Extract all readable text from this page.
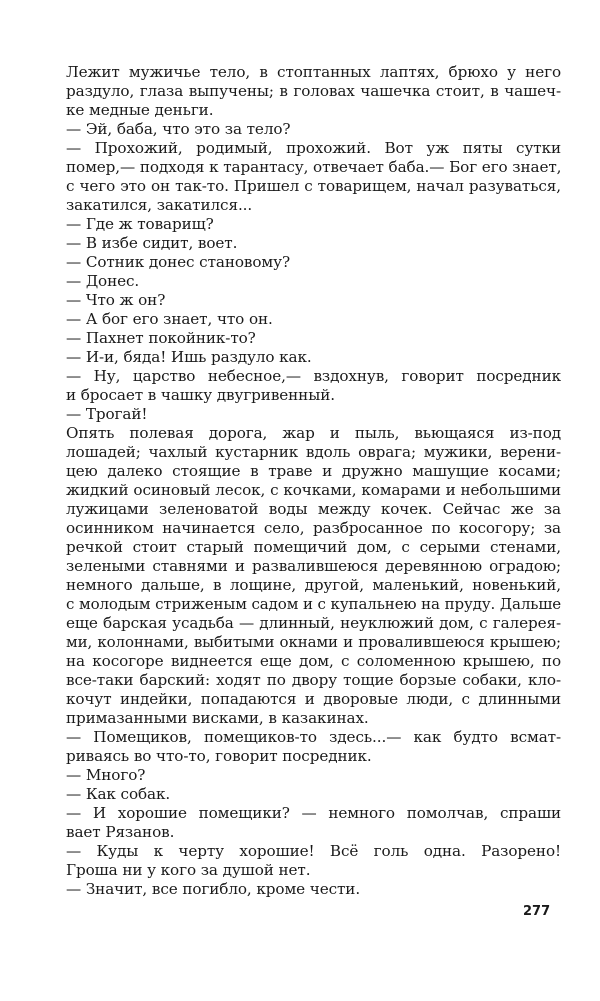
Лежит мужичье тело, в стоптанных лаптях, брюхо у него
раздуло, глаза выпучены; в головах чашечка стоит, в чашеч-
ке медные деньги.
— Эй, баба, что это за тело?
— Прохожий, родимый, прохожий. Вот уж пяты сутки
помер,— подходя к тарантасу, отвечает баба.— Бог его знает,
с чего это он так-то. Пришел с товарищем, начал разуваться,
закатился, закатился...
— Где ж товарищ?
— В избе сидит, воет.
— Сотник донес становому?
— Донес.
— Что ж он?
— А бог его знает, что он.
— Пахнет покойник-то?
— И-и, бяда! Ишь раздуло как.
— Ну, царство небесное,— вздохнув, говорит посредник
и бросает в чашку двугривенный.
— Трогай!
Опять полевая дорога, жар и пыль, вьющаяся из-под
лошадей; чахлый кустарник вдоль оврага; мужики, верени-
цею далеко стоящие в траве и дружно машущие косами;
жидкий осиновый лесок, с кочками, комарами и небольшими
лужицами зеленоватой воды между кочек. Сейчас же за
осинником начинается село, разбросанное по косогору; за
речкой стоит старый помещичий дом, с серыми стенами,
зелеными ставнями и развалившеюся деревянною оградою;
немного дальше, в лощине, другой, маленький, новенький,
с молодым стриженым садом и с купальнею на пруду. Дальше
еще барская усадьба — длинный, неуклюжий дом, с галерея-
ми, колоннами, выбитыми окнами и провалившеюся крышею;
на косогоре виднеется еще дом, с соломенною крышею, по
все-таки барский: ходят по двору тощие борзые собаки, кло-
кочут индейки, попадаются и дворовые люди, с длинными
примазанными висками, в казакинах.
— Помещиков, помещиков-то здесь...— как будто всмат-
риваясь во что-то, говорит посредник.
— Много?
— Как собак.
— И хорошие помещики? — немного помолчав, спраши
вает Рязанов.
— Куды к черту хорошие! Всё голь одна. Разорено!
Гроша ни у кого за душой нет.
— Значит, все погибло, кроме чести.
277
